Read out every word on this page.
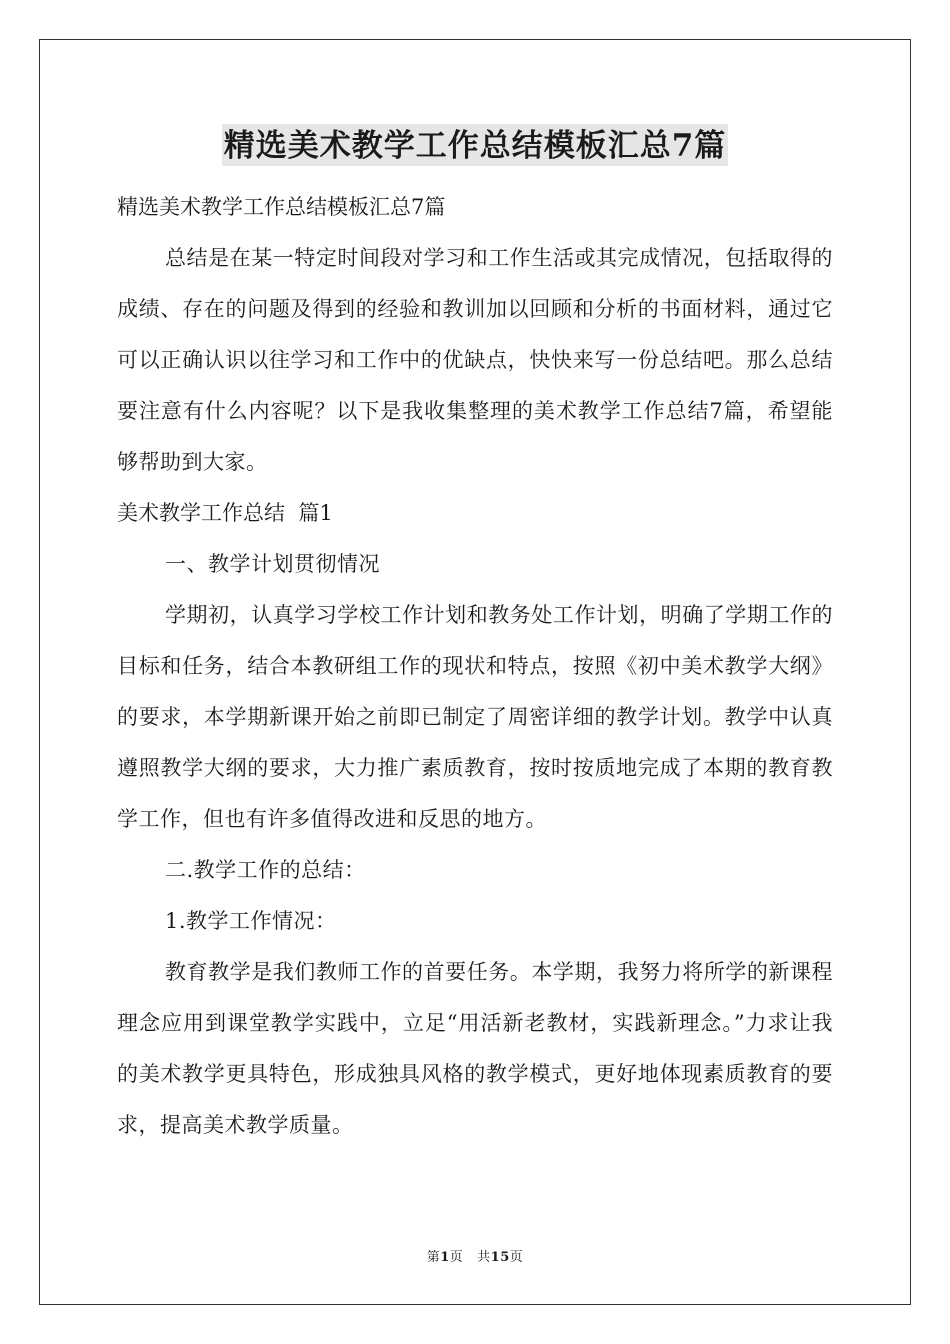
精选美术教学工作总结模板汇总7篇

精选美术教学工作总结模板汇总7篇

总结是在某一特定时间段对学习和工作生活或其完成情况，包括取得的成绩、存在的问题及得到的经验和教训加以回顾和分析的书面材料，通过它可以正确认识以往学习和工作中的优缺点，快快来写一份总结吧。那么总结要注意有什么内容呢？以下是我收集整理的美术教学工作总结7篇，希望能够帮助到大家。

美术教学工作总结  篇1

一、教学计划贯彻情况

学期初，认真学习学校工作计划和教务处工作计划，明确了学期工作的目标和任务，结合本教研组工作的现状和特点，按照《初中美术教学大纲》的要求，本学期新课开始之前即已制定了周密详细的教学计划。教学中认真遵照教学大纲的要求，大力推广素质教育，按时按质地完成了本期的教育教学工作，但也有许多值得改进和反思的地方。

二.教学工作的总结：

1.教学工作情况：

教育教学是我们教师工作的首要任务。本学期，我努力将所学的新课程理念应用到课堂教学实践中，立足“用活新老教材，实践新理念。”力求让我的美术教学更具特色，形成独具风格的教学模式，更好地体现素质教育的要求，提高美术教学质量。

第1页   共15页
